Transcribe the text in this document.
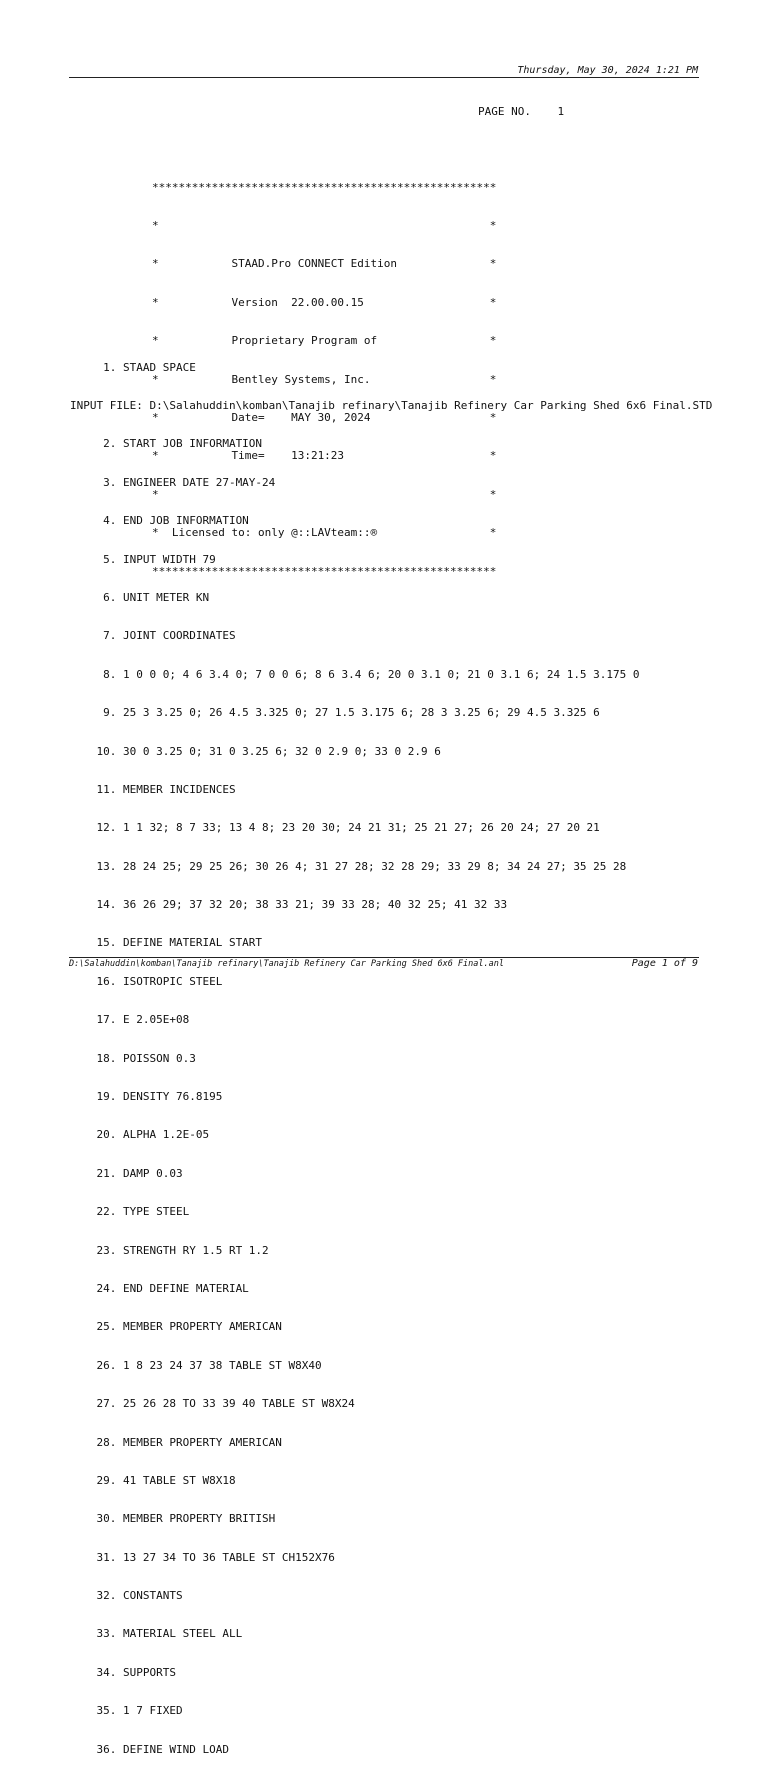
Thursday, May 30, 2024 1:21 PM
PAGE NO.    1

****************************************************

*                                                  *

*           STAAD.Pro CONNECT Edition              *

*           Version  22.00.00.15                   *

*           Proprietary Program of                 *

*           Bentley Systems, Inc.                  *

*           Date=    MAY 30, 2024                  *

*           Time=    13:21:23                      *

*                                                  *

*  Licensed to: only @::LAVteam::®                 *

****************************************************

1. STAAD SPACE

INPUT FILE: D:\Salahuddin\komban\Tanajib refinary\Tanajib Refinery Car Parking Shed 6x6 Final.STD

2. START JOB INFORMATION

3. ENGINEER DATE 27-MAY-24

4. END JOB INFORMATION

5. INPUT WIDTH 79

6. UNIT METER KN

7. JOINT COORDINATES

8. 1 0 0 0; 4 6 3.4 0; 7 0 0 6; 8 6 3.4 6; 20 0 3.1 0; 21 0 3.1 6; 24 1.5 3.175 0

9. 25 3 3.25 0; 26 4.5 3.325 0; 27 1.5 3.175 6; 28 3 3.25 6; 29 4.5 3.325 6

10. 30 0 3.25 0; 31 0 3.25 6; 32 0 2.9 0; 33 0 2.9 6

11. MEMBER INCIDENCES

12. 1 1 32; 8 7 33; 13 4 8; 23 20 30; 24 21 31; 25 21 27; 26 20 24; 27 20 21

13. 28 24 25; 29 25 26; 30 26 4; 31 27 28; 32 28 29; 33 29 8; 34 24 27; 35 25 28

14. 36 26 29; 37 32 20; 38 33 21; 39 33 28; 40 32 25; 41 32 33

15. DEFINE MATERIAL START

16. ISOTROPIC STEEL

17. E 2.05E+08

18. POISSON 0.3

19. DENSITY 76.8195

20. ALPHA 1.2E-05

21. DAMP 0.03

22. TYPE STEEL

23. STRENGTH RY 1.5 RT 1.2

24. END DEFINE MATERIAL

25. MEMBER PROPERTY AMERICAN

26. 1 8 23 24 37 38 TABLE ST W8X40

27. 25 26 28 TO 33 39 40 TABLE ST W8X24

28. MEMBER PROPERTY AMERICAN

29. 41 TABLE ST W8X18

30. MEMBER PROPERTY BRITISH

31. 13 27 34 TO 36 TABLE ST CH152X76

32. CONSTANTS

33. MATERIAL STEEL ALL

34. SUPPORTS

35. 1 7 FIXED

36. DEFINE WIND LOAD

D:\Salahuddin\komban\Tanajib refinary\Tanajib Refinery Car Parking Shed 6x6 Final.anl	Page 1 of 9
